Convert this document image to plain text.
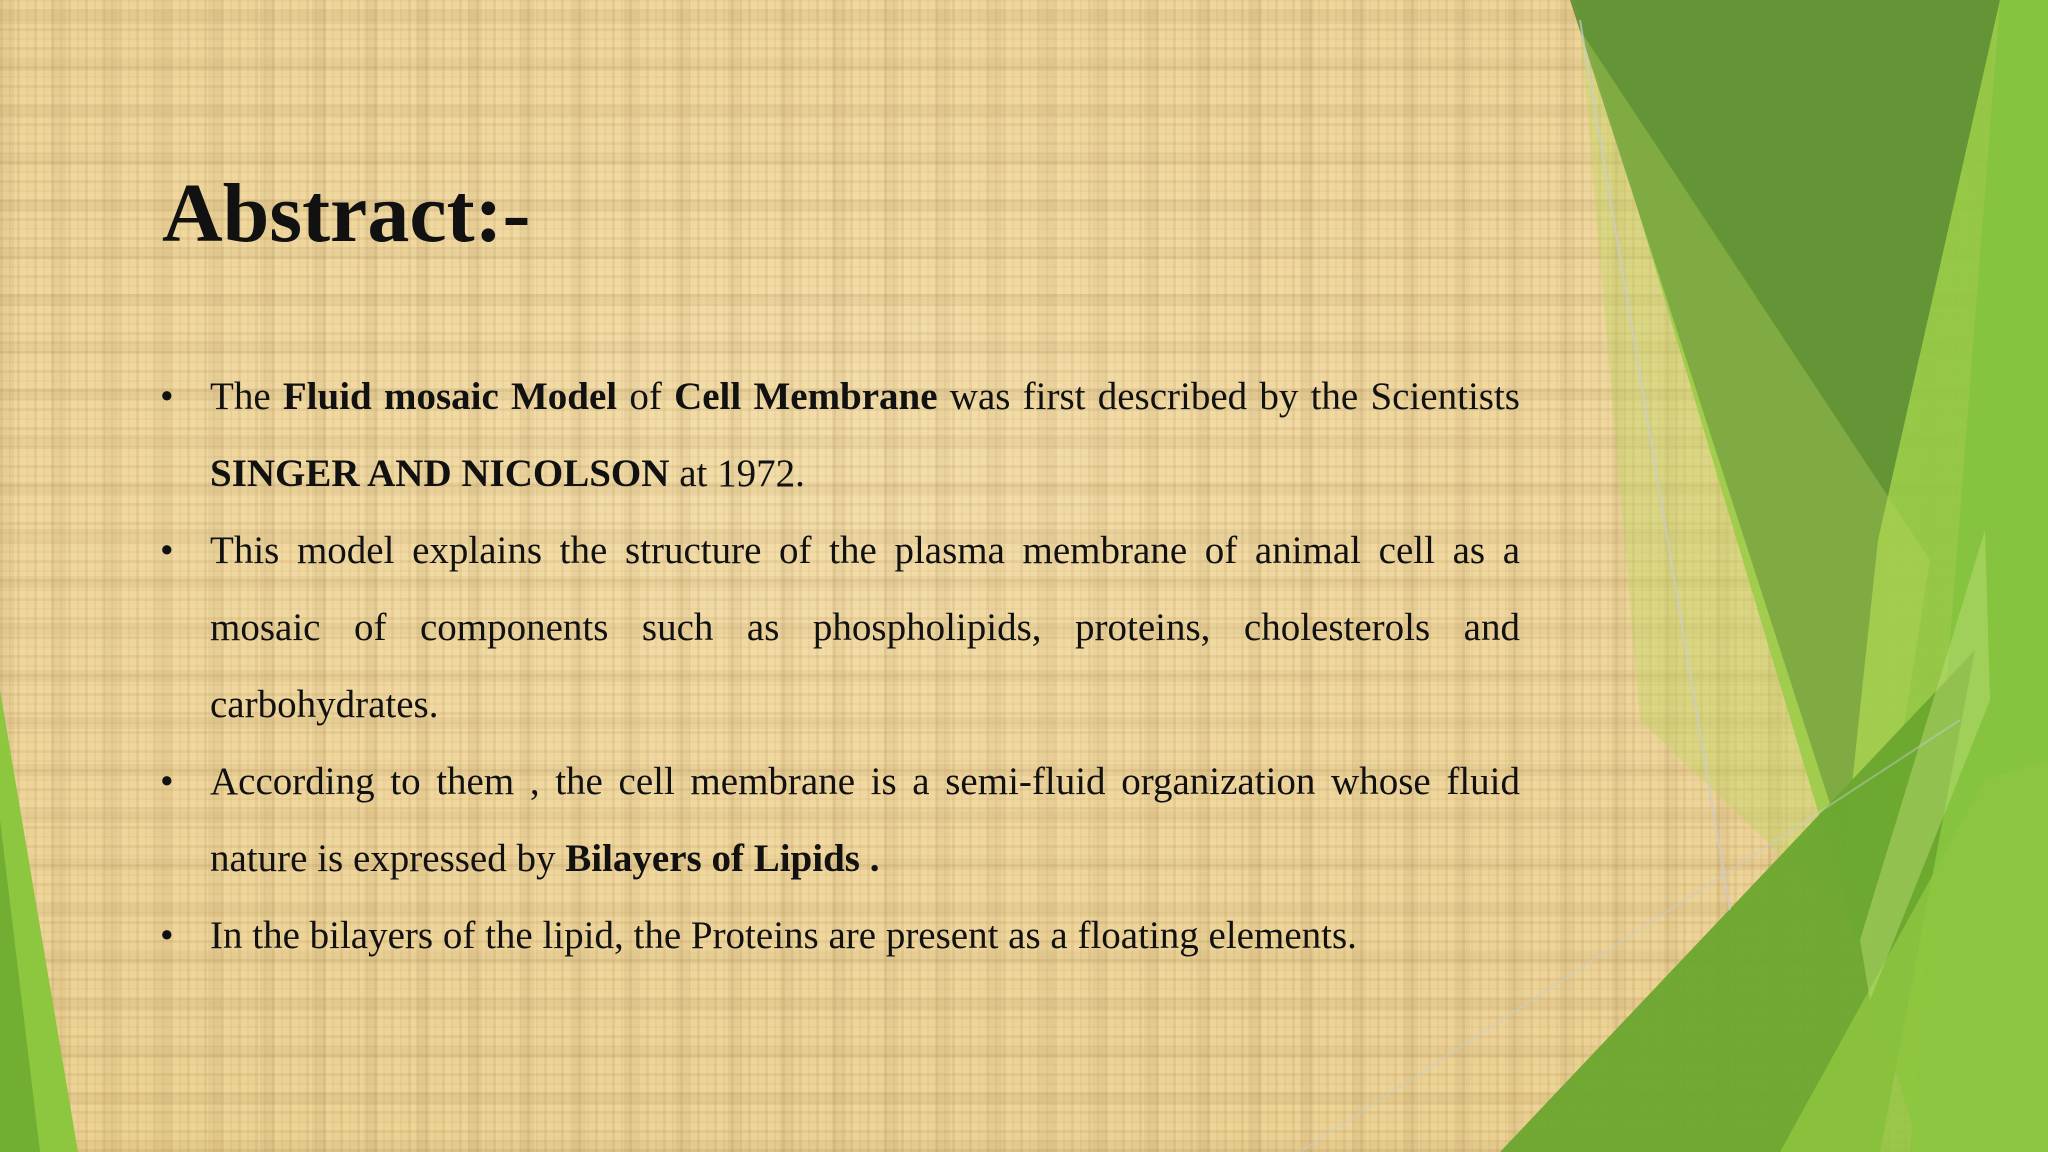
Abstract:-
• The Fluid mosaic Model of Cell Membrane was first described by the Scientists SINGER AND NICOLSON at 1972.
• This model explains the structure of the plasma membrane of animal cell as a mosaic of components such as phospholipids, proteins, cholesterols and carbohydrates.
• According to them , the cell membrane is a semi-fluid organization whose fluid nature is expressed by Bilayers of Lipids .
• In the bilayers of the lipid, the Proteins are present as a floating elements.
